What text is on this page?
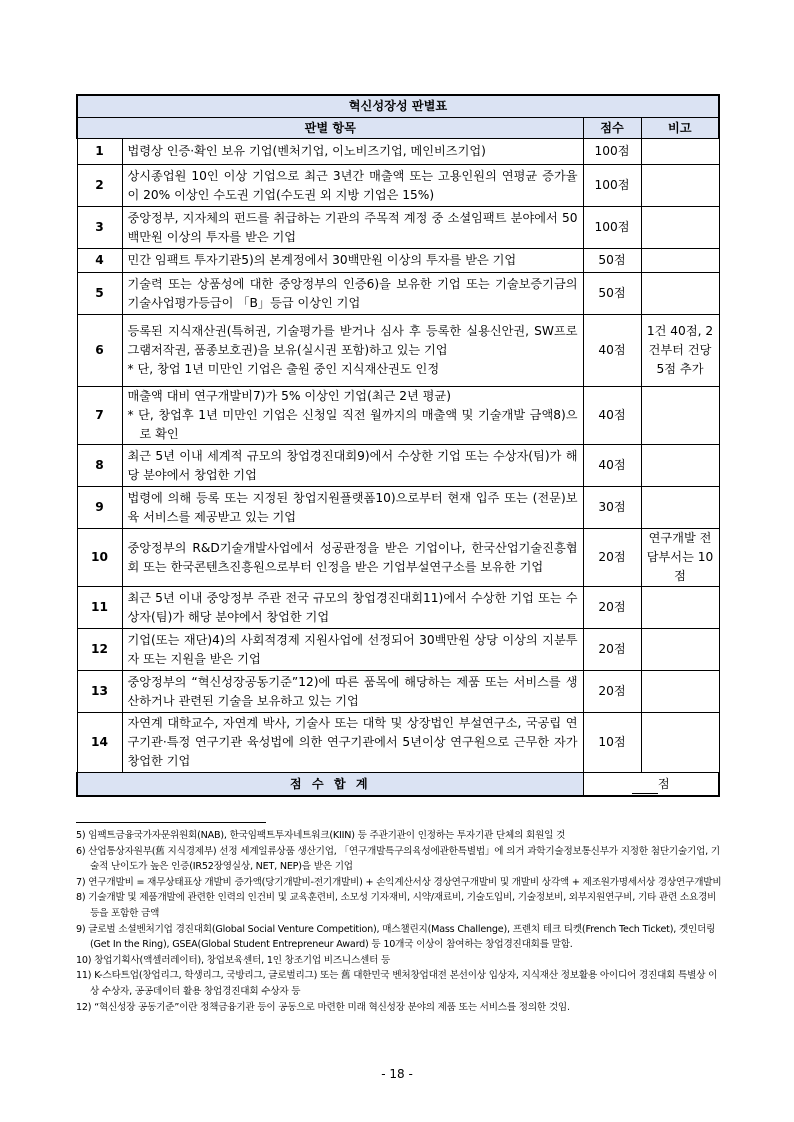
혁신성장성 판별표			
판별 항목		점수	비고
1	법령상 인증·확인 보유 기업(벤처기업, 이노비즈기업, 메인비즈기업)	100점	
2	상시종업원 10인 이상 기업으로 최근 3년간 매출액 또는 고용인원의 연평균 증가율이 20% 이상인 수도권 기업(수도권 외 지방 기업은 15%)	100점	
3	중앙정부, 지자체의 펀드를 취급하는 기관의 주목적 계정 중 소셜임팩트 분야에서 50백만원 이상의 투자를 받은 기업	100점	
4	민간 임팩트 투자기관5)의 본계정에서 30백만원 이상의 투자를 받은 기업	50점	
5	기술력 또는 상품성에 대한 중앙정부의 인증6)을 보유한 기업 또는 기술보증기금의 기술사업평가등급이 「B」등급 이상인 기업	50점	
6	등록된 지식재산권(특허권, 기술평가를 받거나 심사 후 등록한 실용신안권, SW프로그램저작권, 품종보호권)을 보유(실시권 포함)하고 있는 기업
* 단, 창업 1년 미만인 기업은 출원 중인 지식재산권도 인정	40점	1건 40점, 2건부터 건당 5점 추가
7	매출액 대비 연구개발비7)가 5% 이상인 기업(최근 2년 평균)
* 단, 창업후 1년 미만인 기업은 신청일 직전 월까지의 매출액 및 기술개발 금액8)으로 확인	40점	
8	최근 5년 이내 세계적 규모의 창업경진대회9)에서 수상한 기업 또는 수상자(팀)가 해당 분야에서 창업한 기업	40점	
9	법령에 의해 등록 또는 지정된 창업지원플랫폼10)으로부터 현재 입주 또는 (전문)보육 서비스를 제공받고 있는 기업	30점	
10	중앙정부의 R&D기술개발사업에서 성공판정을 받은 기업이나, 한국산업기술진흥협회 또는 한국콘텐츠진흥원으로부터 인정을 받은 기업부설연구소를 보유한 기업	20점	연구개발 전담부서는 10점
11	최근 5년 이내 중앙정부 주관 전국 규모의 창업경진대회11)에서 수상한 기업 또는 수상자(팀)가 해당 분야에서 창업한 기업	20점	
12	기업(또는 재단)4)의 사회적경제 지원사업에 선정되어 30백만원 상당 이상의 지분투자 또는 지원을 받은 기업	20점	
13	중앙정부의 “혁신성장공동기준”12)에 따른 품목에 해당하는 제품 또는 서비스를 생산하거나 관련된 기술을 보유하고 있는 기업	20점	
14	자연계 대학교수, 자연계 박사, 기술사 또는 대학 및 상장법인 부설연구소, 국공립 연구기관·특정 연구기관 육성법에 의한 연구기관에서 5년이상 연구원으로 근무한 자가 창업한 기업	10점	
점 수 합 계		점	
5) 임팩트금융국가자문위원회(NAB), 한국임팩트투자네트워크(KIIN) 등 주관기관이 인정하는 투자기관 단체의 회원일 것
6) 산업통상자원부(舊 지식경제부) 선정 세계일류상품 생산기업, 「연구개발특구의육성에관한특별법」에 의거 과학기술정보통신부가 지정한 첨단기술기업, 기술적 난이도가 높은 인증(IR52장영실상, NET, NEP)을 받은 기업
7) 연구개발비 = 재무상태표상 개발비 증가액(당기개발비-전기개발비) + 손익계산서상 경상연구개발비 및 개발비 상각액 + 제조원가명세서상 경상연구개발비
8) 기술개발 및 제품개발에 관련한 인력의 인건비 및 교육훈련비, 소모성 기자재비, 시약/재료비, 기술도입비, 기술정보비, 외부지원연구비, 기타 관련 소요경비 등을 포함한 금액
9) 글로벌 소셜벤처기업 경진대회(Global Social Venture Competition), 매스챌린지(Mass Challenge), 프렌치 테크 티켓(French Tech Ticket), 겟인더링(Get In the Ring), GSEA(Global Student Entrepreneur Award) 등 10개국 이상이 참여하는 창업경진대회를 말함.
10) 창업기획사(액셀러레이터), 창업보육센터, 1인 창조기업 비즈니스센터 등
11) K-스타트업(창업리그, 학생리그, 국방리그, 글로벌리그) 또는 舊 대한민국 벤처창업대전 본선이상 입상자, 지식재산 정보활용 아이디어 경진대회 특별상 이상 수상자, 공공데이터 활용 창업경진대회 수상자 등
12) “혁신성장 공동기준”이란 정책금융기관 등이 공동으로 마련한 미래 혁신성장 분야의 제품 또는 서비스를 정의한 것임.
- 18 -
